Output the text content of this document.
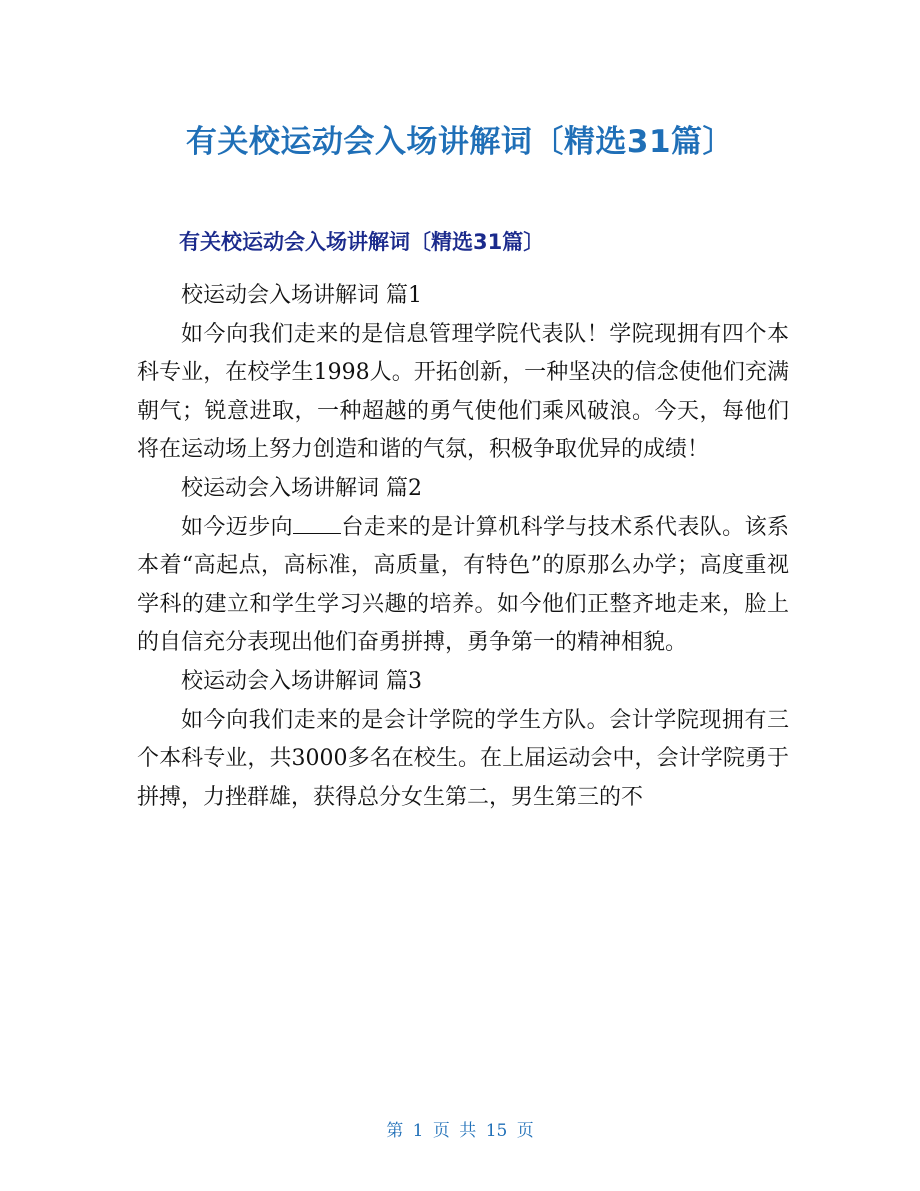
有关校运动会入场讲解词〔精选31篇〕
有关校运动会入场讲解词〔精选31篇〕

校运动会入场讲解词 篇1

如今向我们走来的是信息管理学院代表队！学院现拥有四个本科专业，在校学生1998人。开拓创新，一种坚决的信念使他们充满朝气；锐意进取，一种超越的勇气使他们乘风破浪。今天，每他们将在运动场上努力创造和谐的气氛，积极争取优异的成绩！

校运动会入场讲解词 篇2

如今迈步向 台走来的是计算机科学与技术系代表队。该系本着“高起点，高标准，高质量，有特色”的原那么办学；高度重视学科的建立和学生学习兴趣的培养。如今他们正整齐地走来，脸上的自信充分表现出他们奋勇拼搏，勇争第一的精神相貌。

校运动会入场讲解词 篇3

如今向我们走来的是会计学院的学生方队。会计学院现拥有三个本科专业，共3000多名在校生。在上届运动会中，会计学院勇于拼搏，力挫群雄，获得总分女生第二，男生第三的不

第 1 页 共 15 页
